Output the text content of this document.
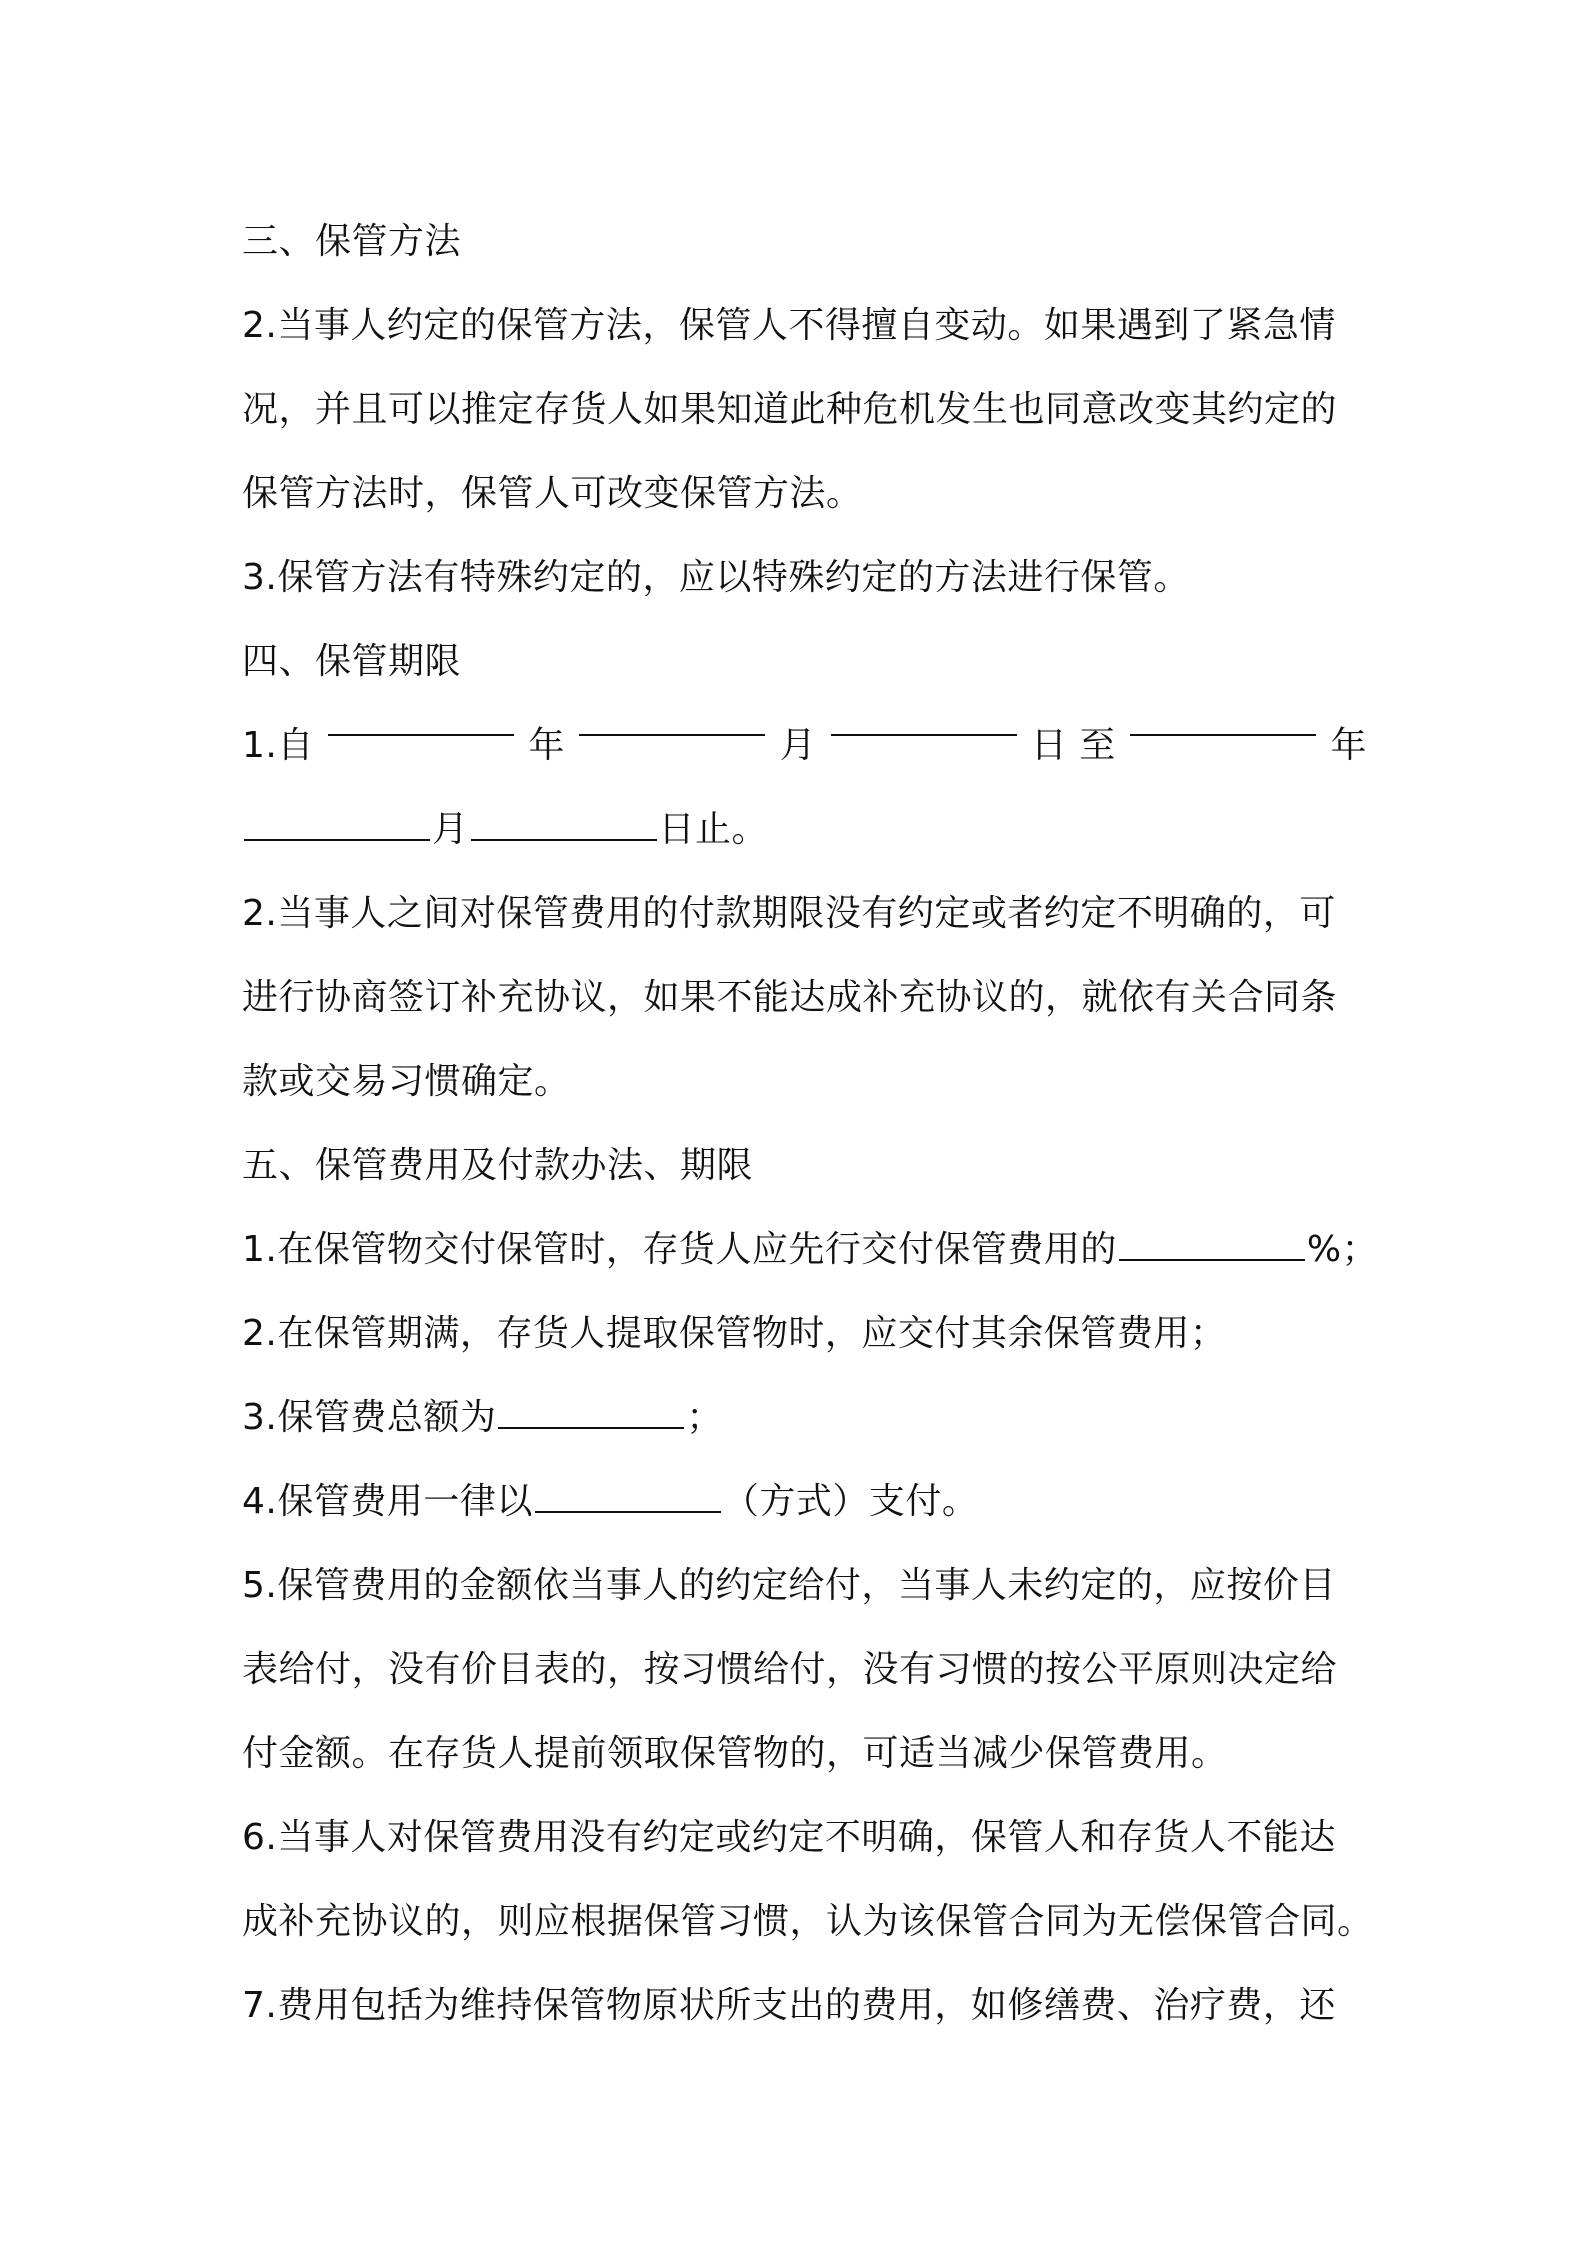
三、保管方法
2.当事人约定的保管方法，保管人不得擅自变动。如果遇到了紧急情
况，并且可以推定存货人如果知道此种危机发生也同意改变其约定的
保管方法时，保管人可改变保管方法。
3.保管方法有特殊约定的，应以特殊约定的方法进行保管。
四、保管期限
1.自	年	月	日 至	年
月	日止。
2.当事人之间对保管费用的付款期限没有约定或者约定不明确的，可
进行协商签订补充协议，如果不能达成补充协议的，就依有关合同条
款或交易习惯确定。
五、保管费用及付款办法、期限
1.在保管物交付保管时，存货人应先行交付保管费用的	%；
2.在保管期满，存货人提取保管物时，应交付其余保管费用；
3.保管费总额为	；
4.保管费用一律以	（方式）支付。
5.保管费用的金额依当事人的约定给付，当事人未约定的，应按价目
表给付，没有价目表的，按习惯给付，没有习惯的按公平原则决定给
付金额。在存货人提前领取保管物的，可适当减少保管费用。
6.当事人对保管费用没有约定或约定不明确，保管人和存货人不能达
成补充协议的，则应根据保管习惯，认为该保管合同为无偿保管合同。
7.费用包括为维持保管物原状所支出的费用，如修缮费、治疗费，还
